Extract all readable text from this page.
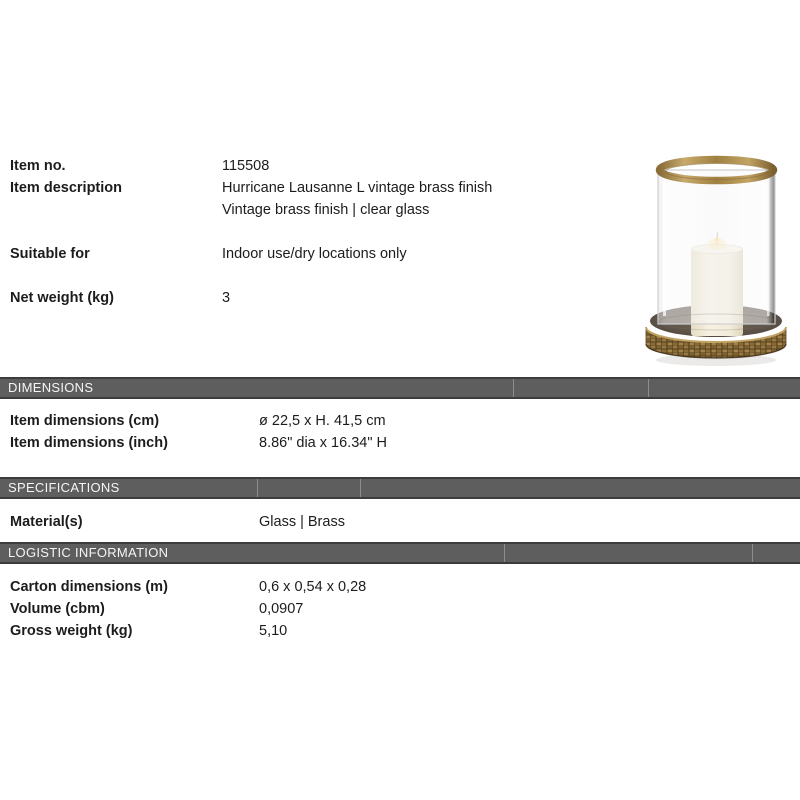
Item no.	115508
Item description	Hurricane Lausanne L vintage brass finish
Vintage brass finish | clear glass
Suitable for	Indoor use/dry locations only
Net weight (kg)	3
DIMENSIONS
Item dimensions (cm)	ø 22,5 x H. 41,5 cm
Item dimensions (inch)	8.86" dia x 16.34" H
SPECIFICATIONS
Material(s)	Glass | Brass
LOGISTIC INFORMATION
Carton dimensions (m)	0,6 x 0,54 x 0,28
Volume (cbm)	0,0907
Gross weight (kg)	5,10
